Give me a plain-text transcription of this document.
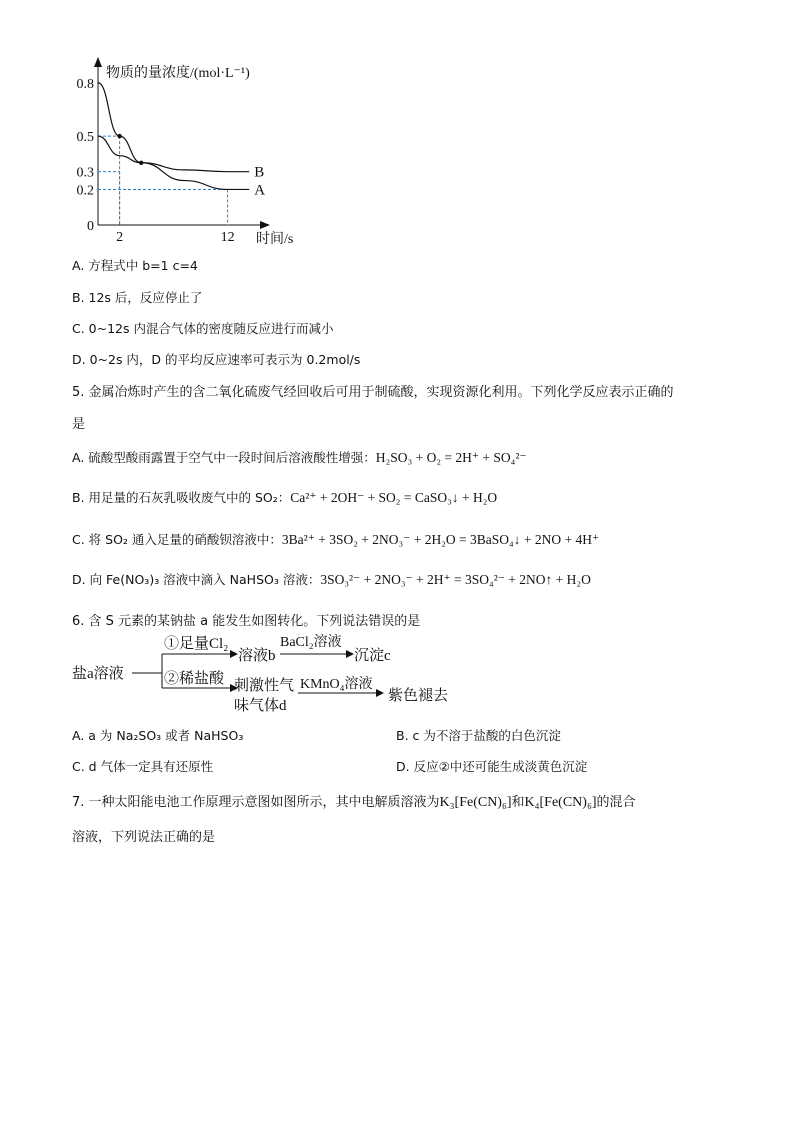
物质的量浓度/(mol·L⁻¹)
时间/s
0.8
0.5
0.3
0.2
0
2	12
A
B
A. 方程式中 b=1 c=4
B. 12s 后，反应停止了
C. 0~12s 内混合气体的密度随反应进行而减小
D. 0~2s 内，D 的平均反应速率可表示为 0.2mol/s
5. 金属冶炼时产生的含二氧化硫废气经回收后可用于制硫酸，实现资源化利用。下列化学反应表示正确的
是
A. 硫酸型酸雨露置于空气中一段时间后溶液酸性增强：H₂SO₃ + O₂ = 2H⁺ + SO₄²⁻
B. 用足量的石灰乳吸收废气中的 SO₂：Ca²⁺ + 2OH⁻ + SO₂ = CaSO₃↓ + H₂O
C. 将 SO₂ 通入足量的硝酸钡溶液中：3Ba²⁺ + 3SO₂ + 2NO₃⁻ + 2H₂O = 3BaSO₄↓ + 2NO + 4H⁺
D. 向 Fe(NO₃)₃ 溶液中滴入 NaHSO₃ 溶液：3SO₃²⁻ + 2NO₃⁻ + 2H⁺ = 3SO₄²⁻ + 2NO↑ + H₂O
6. 含 S 元素的某钠盐 a 能发生如图转化。下列说法错误的是
盐a溶液
①足量Cl₂
溶液b
BaCl₂溶液
沉淀c
②稀盐酸 刺激性气
味气体d
KMnO₄溶液
紫色褪去
A. a 为 Na₂SO₃ 或者 NaHSO₃	B. c 为不溶于盐酸的白色沉淀
C. d 气体一定具有还原性	D. 反应②中还可能生成淡黄色沉淀
7. 一种太阳能电池工作原理示意图如图所示，其中电解质溶液为K₃[Fe(CN)₆]和K₄[Fe(CN)₆]的混合
溶液，下列说法正确的是
